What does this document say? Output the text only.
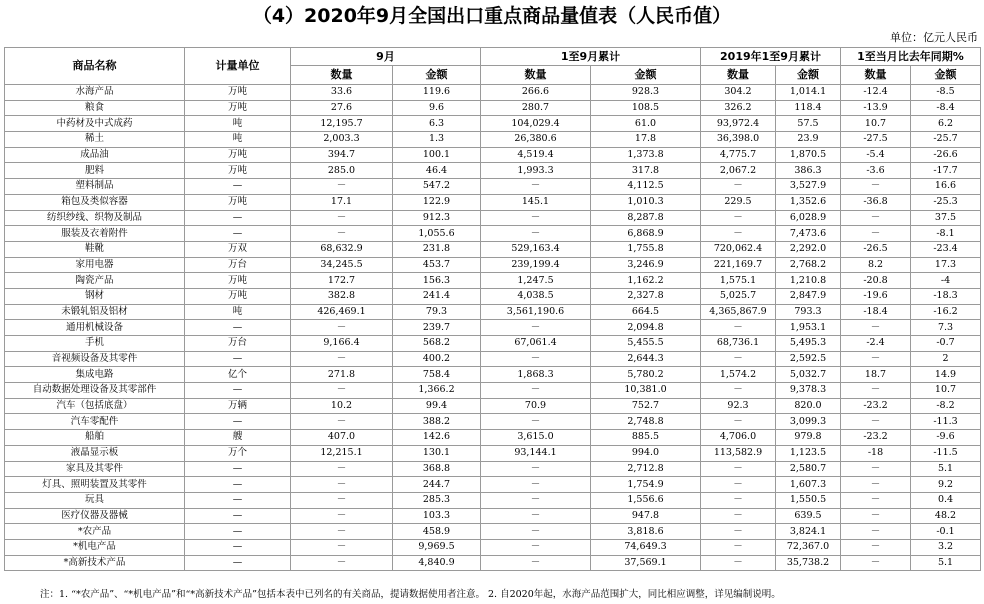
（4）2020年9月全国出口重点商品量值表（人民币值）
单位：亿元人民币
商品名称	计量单位	9月		1至9月累计		2019年1至9月累计		1至当月比去年同期%	
		数量	金额	数量	金额	数量	金额	数量	金额
水海产品	万吨	33.6	119.6	266.6	928.3	304.2	1,014.1	-12.4	-8.5
粮食	万吨	27.6	9.6	280.7	108.5	326.2	118.4	-13.9	-8.4
中药材及中式成药	吨	12,195.7	6.3	104,029.4	61.0	93,972.4	57.5	10.7	6.2
稀土	吨	2,003.3	1.3	26,380.6	17.8	36,398.0	23.9	-27.5	-25.7
成品油	万吨	394.7	100.1	4,519.4	1,373.8	4,775.7	1,870.5	-5.4	-26.6
肥料	万吨	285.0	46.4	1,993.3	317.8	2,067.2	386.3	-3.6	-17.7
塑料制品	—	－	547.2	－	4,112.5	－	3,527.9	－	16.6
箱包及类似容器	万吨	17.1	122.9	145.1	1,010.3	229.5	1,352.6	-36.8	-25.3
纺织纱线、织物及制品	—	－	912.3	－	8,287.8	－	6,028.9	－	37.5
服装及衣着附件	—	－	1,055.6	－	6,868.9	－	7,473.6	－	-8.1
鞋靴	万双	68,632.9	231.8	529,163.4	1,755.8	720,062.4	2,292.0	-26.5	-23.4
家用电器	万台	34,245.5	453.7	239,199.4	3,246.9	221,169.7	2,768.2	8.2	17.3
陶瓷产品	万吨	172.7	156.3	1,247.5	1,162.2	1,575.1	1,210.8	-20.8	-4
钢材	万吨	382.8	241.4	4,038.5	2,327.8	5,025.7	2,847.9	-19.6	-18.3
未锻轧铝及铝材	吨	426,469.1	79.3	3,561,190.6	664.5	4,365,867.9	793.3	-18.4	-16.2
通用机械设备	—	－	239.7	－	2,094.8	－	1,953.1	－	7.3
手机	万台	9,166.4	568.2	67,061.4	5,455.5	68,736.1	5,495.3	-2.4	-0.7
音视频设备及其零件	—	－	400.2	－	2,644.3	－	2,592.5	－	2
集成电路	亿个	271.8	758.4	1,868.3	5,780.2	1,574.2	5,032.7	18.7	14.9
自动数据处理设备及其零部件	—	－	1,366.2	－	10,381.0	－	9,378.3	－	10.7
汽车（包括底盘）	万辆	10.2	99.4	70.9	752.7	92.3	820.0	-23.2	-8.2
汽车零配件	—	－	388.2	－	2,748.8	－	3,099.3	－	-11.3
船舶	艘	407.0	142.6	3,615.0	885.5	4,706.0	979.8	-23.2	-9.6
液晶显示板	万个	12,215.1	130.1	93,144.1	994.0	113,582.9	1,123.5	-18	-11.5
家具及其零件	—	－	368.8	－	2,712.8	－	2,580.7	－	5.1
灯具、照明装置及其零件	—	－	244.7	－	1,754.9	－	1,607.3	－	9.2
玩具	—	－	285.3	－	1,556.6	－	1,550.5	－	0.4
医疗仪器及器械	—	－	103.3	－	947.8	－	639.5	－	48.2
*农产品	—	－	458.9	－	3,818.6	－	3,824.1	－	-0.1
*机电产品	—	－	9,969.5	－	74,649.3	－	72,367.0	－	3.2
*高新技术产品	—	－	4,840.9	－	37,569.1	－	35,738.2	－	5.1
注：1. “*农产品”、“*机电产品”和“*高新技术产品”包括本表中已列名的有关商品，提请数据使用者注意。 2. 自2020年起，水海产品范围扩大，同比相应调整，详见编制说明。
